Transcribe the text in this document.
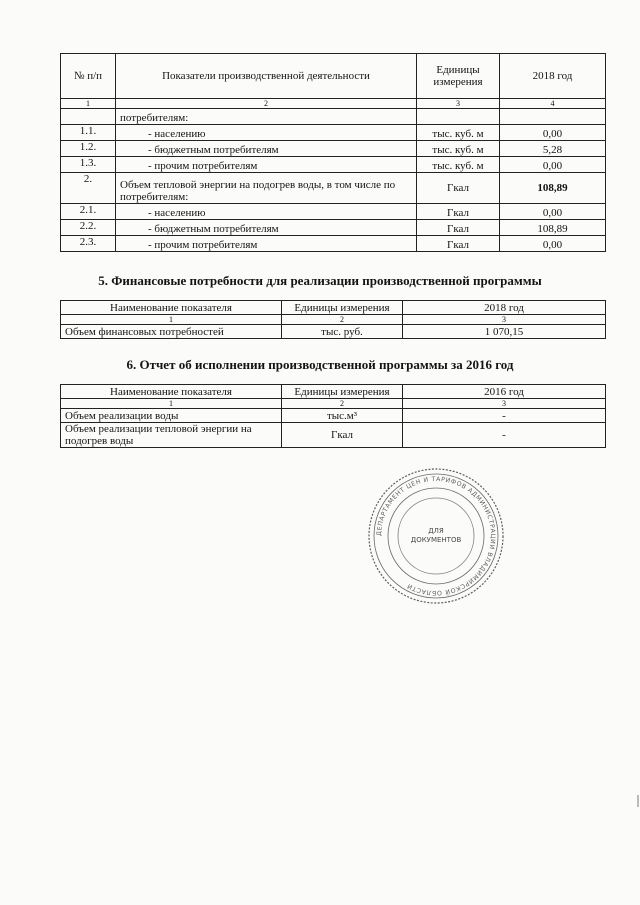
№ п/п	Показатели производственной деятельности	Единицы измерения	2018 год
1	2	3	4
	потребителям:		
1.1.	- населению	тыс. куб. м	0,00
1.2.	- бюджетным потребителям	тыс. куб. м	5,28
1.3.	- прочим потребителям	тыс. куб. м	0,00
2.	Объем тепловой энергии на подогрев воды, в том числе по потребителям:	Гкал	108,89
2.1.	- населению	Гкал	0,00
2.2.	- бюджетным потребителям	Гкал	108,89
2.3.	- прочим потребителям	Гкал	0,00
5. Финансовые потребности для реализации производственной программы
Наименование показателя	Единицы измерения	2018 год
1	2	3
Объем финансовых потребностей	тыс. руб.	1 070,15
6. Отчет об исполнении производственной программы за 2016 год
Наименование показателя	Единицы измерения	2016 год
1	2	3
Объем реализации воды	тыс.м³	-
Объем реализации тепловой энергии на подогрев воды	Гкал	-
ДЕПАРТАМЕНТ ЦЕН И ТАРИФОВ АДМИНИСТРАЦИИ ВЛАДИМИРСКОЙ ОБЛАСТИ
ДЛЯ
ДОКУМЕНТОВ
